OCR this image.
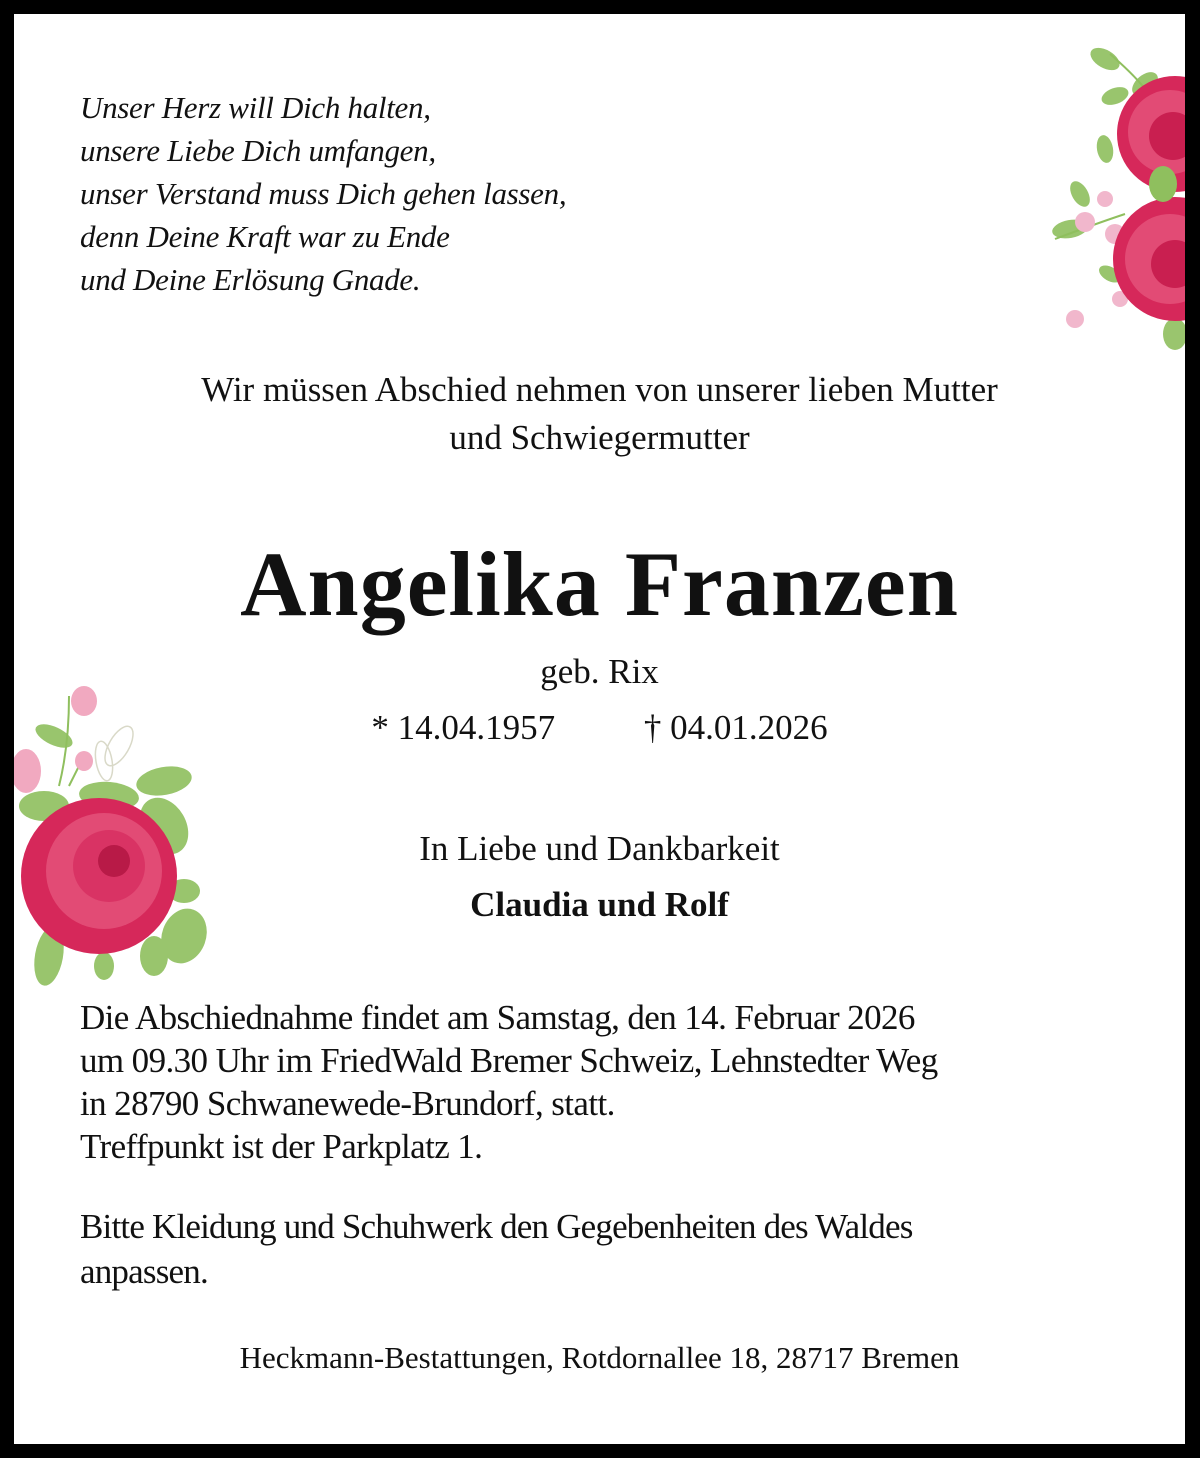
Unser Herz will Dich halten,
unsere Liebe Dich umfangen,
unser Verstand muss Dich gehen lassen,
denn Deine Kraft war zu Ende
und Deine Erlösung Gnade.
Wir müssen Abschied nehmen von unserer lieben Mutter
und Schwiegermutter
Angelika Franzen
geb. Rix
* 14.04.1957	† 04.01.2026
In Liebe und Dankbarkeit
Claudia und Rolf
Die Abschiednahme findet am Samstag, den 14. Februar 2026
um 09.30 Uhr im FriedWald Bremer Schweiz, Lehnstedter Weg
in 28790 Schwanewede-Brundorf, statt.
Treffpunkt ist der Parkplatz 1.
Bitte Kleidung und Schuhwerk den Gegebenheiten des Waldes
anpassen.
Heckmann-Bestattungen, Rotdornallee 18, 28717 Bremen
